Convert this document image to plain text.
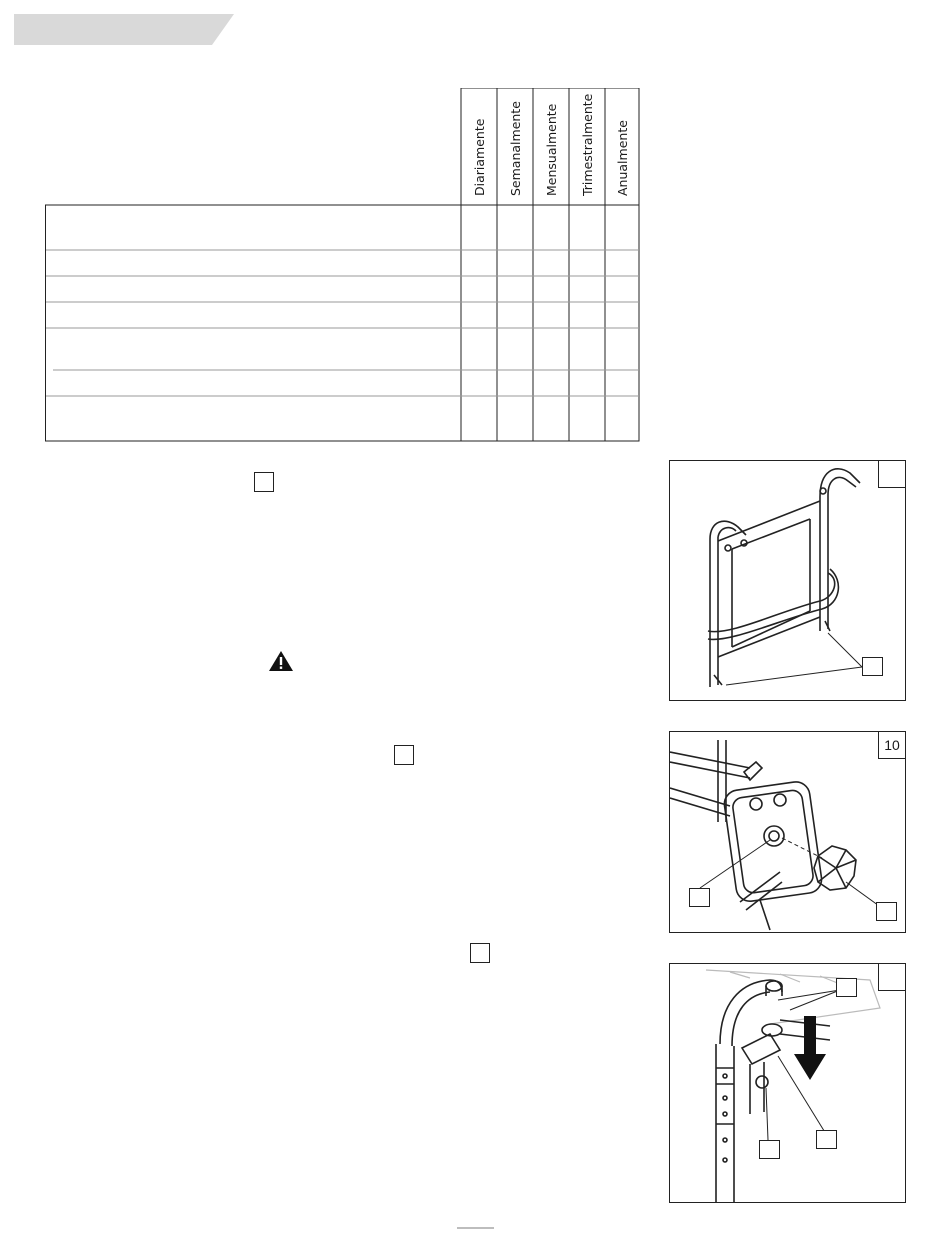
Diariamente Semanalmente Mensualmente Trimestralmente Anualmente
10
